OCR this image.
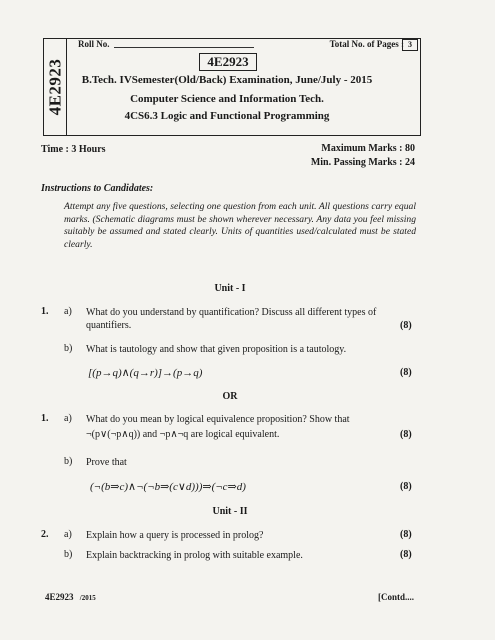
4E2923
Roll No.	Total No. of Pages : 3
4E2923
B.Tech. IVSemester(Old/Back) Examination, June/July - 2015
Computer Science and Information Tech.
4CS6.3 Logic and Functional Programming
Time : 3 Hours	Maximum Marks : 80
Min. Passing Marks : 24
Instructions to Candidates:
Attempt any five questions, selecting one question from each unit. All questions carry equal marks. (Schematic diagrams must be shown wherever necessary. Any data you feel missing suitably be assumed and stated clearly. Units of quantities used/calculated must be stated clearly.
Unit - I
1. a) What do you understand by quantification? Discuss all different types of quantifiers.	(8)
b) What is tautology and show that given proposition is a tautology.
[(p→q)∧(q→r)]→(p→q)	(8)
OR
1. a) What do you mean by logical equivalence proposition? Show that
¬(p∨(¬p∧q)) and ¬p∧¬q are logical equivalent.	(8)
b) Prove that
(¬(b⇒c)∧¬(¬b⇒(c∨d)))⇒(¬c⇒d)	(8)
Unit - II
2. a) Explain how a query is processed in prolog?	(8)
b) Explain backtracking in prolog with suitable example.	(8)
4E2923 /2015	[Contd....
